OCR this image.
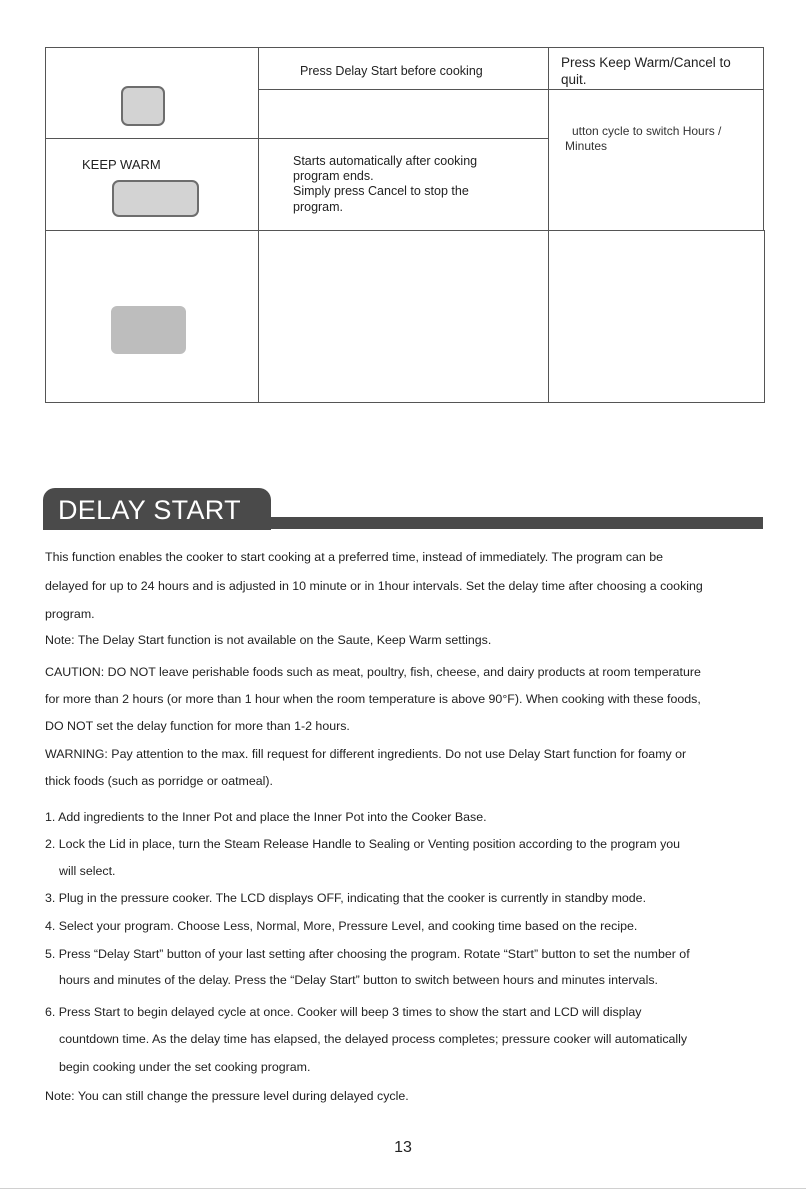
Press Delay Start before cooking
Press Keep Warm/Cancel to
quit.
utton cycle to switch Hours /
Minutes
KEEP WARM	Starts automatically after cooking
program ends.
Simply press Cancel to stop the
program.
DELAY START
This function enables the cooker to start cooking at a preferred time, instead of immediately. The program can be
delayed for up to 24 hours and is adjusted in 10 minute or in 1hour intervals. Set the delay time after choosing a cooking
program.
Note: The Delay Start function is not available on the Saute, Keep Warm settings.
CAUTION: DO NOT leave perishable foods such as meat, poultry, fish, cheese, and dairy products at room temperature
for more than 2 hours (or more than 1 hour when the room temperature is above 90°F). When cooking with these foods,
DO NOT set the delay function for more than 1-2 hours.
WARNING: Pay attention to the max. fill request for different ingredients. Do not use Delay Start function for foamy or
thick foods (such as porridge or oatmeal).
1. Add ingredients to the Inner Pot and place the Inner Pot into the Cooker Base.
2. Lock the Lid in place, turn the Steam Release Handle to Sealing or Venting position according to the program you
will select.
3. Plug in the pressure cooker. The LCD displays OFF, indicating that the cooker is currently in standby mode.
4. Select your program. Choose Less, Normal, More, Pressure Level, and cooking time based on the recipe.
5. Press “Delay Start” button of your last setting after choosing the program. Rotate “Start” button to set the number of
hours and minutes of the delay. Press the “Delay Start” button to switch between hours and minutes intervals.
6. Press Start to begin delayed cycle at once. Cooker will beep 3 times to show the start and LCD will display
countdown time. As the delay time has elapsed, the delayed process completes; pressure cooker will automatically
begin cooking under the set cooking program.
Note: You can still change the pressure level during delayed cycle.
13
